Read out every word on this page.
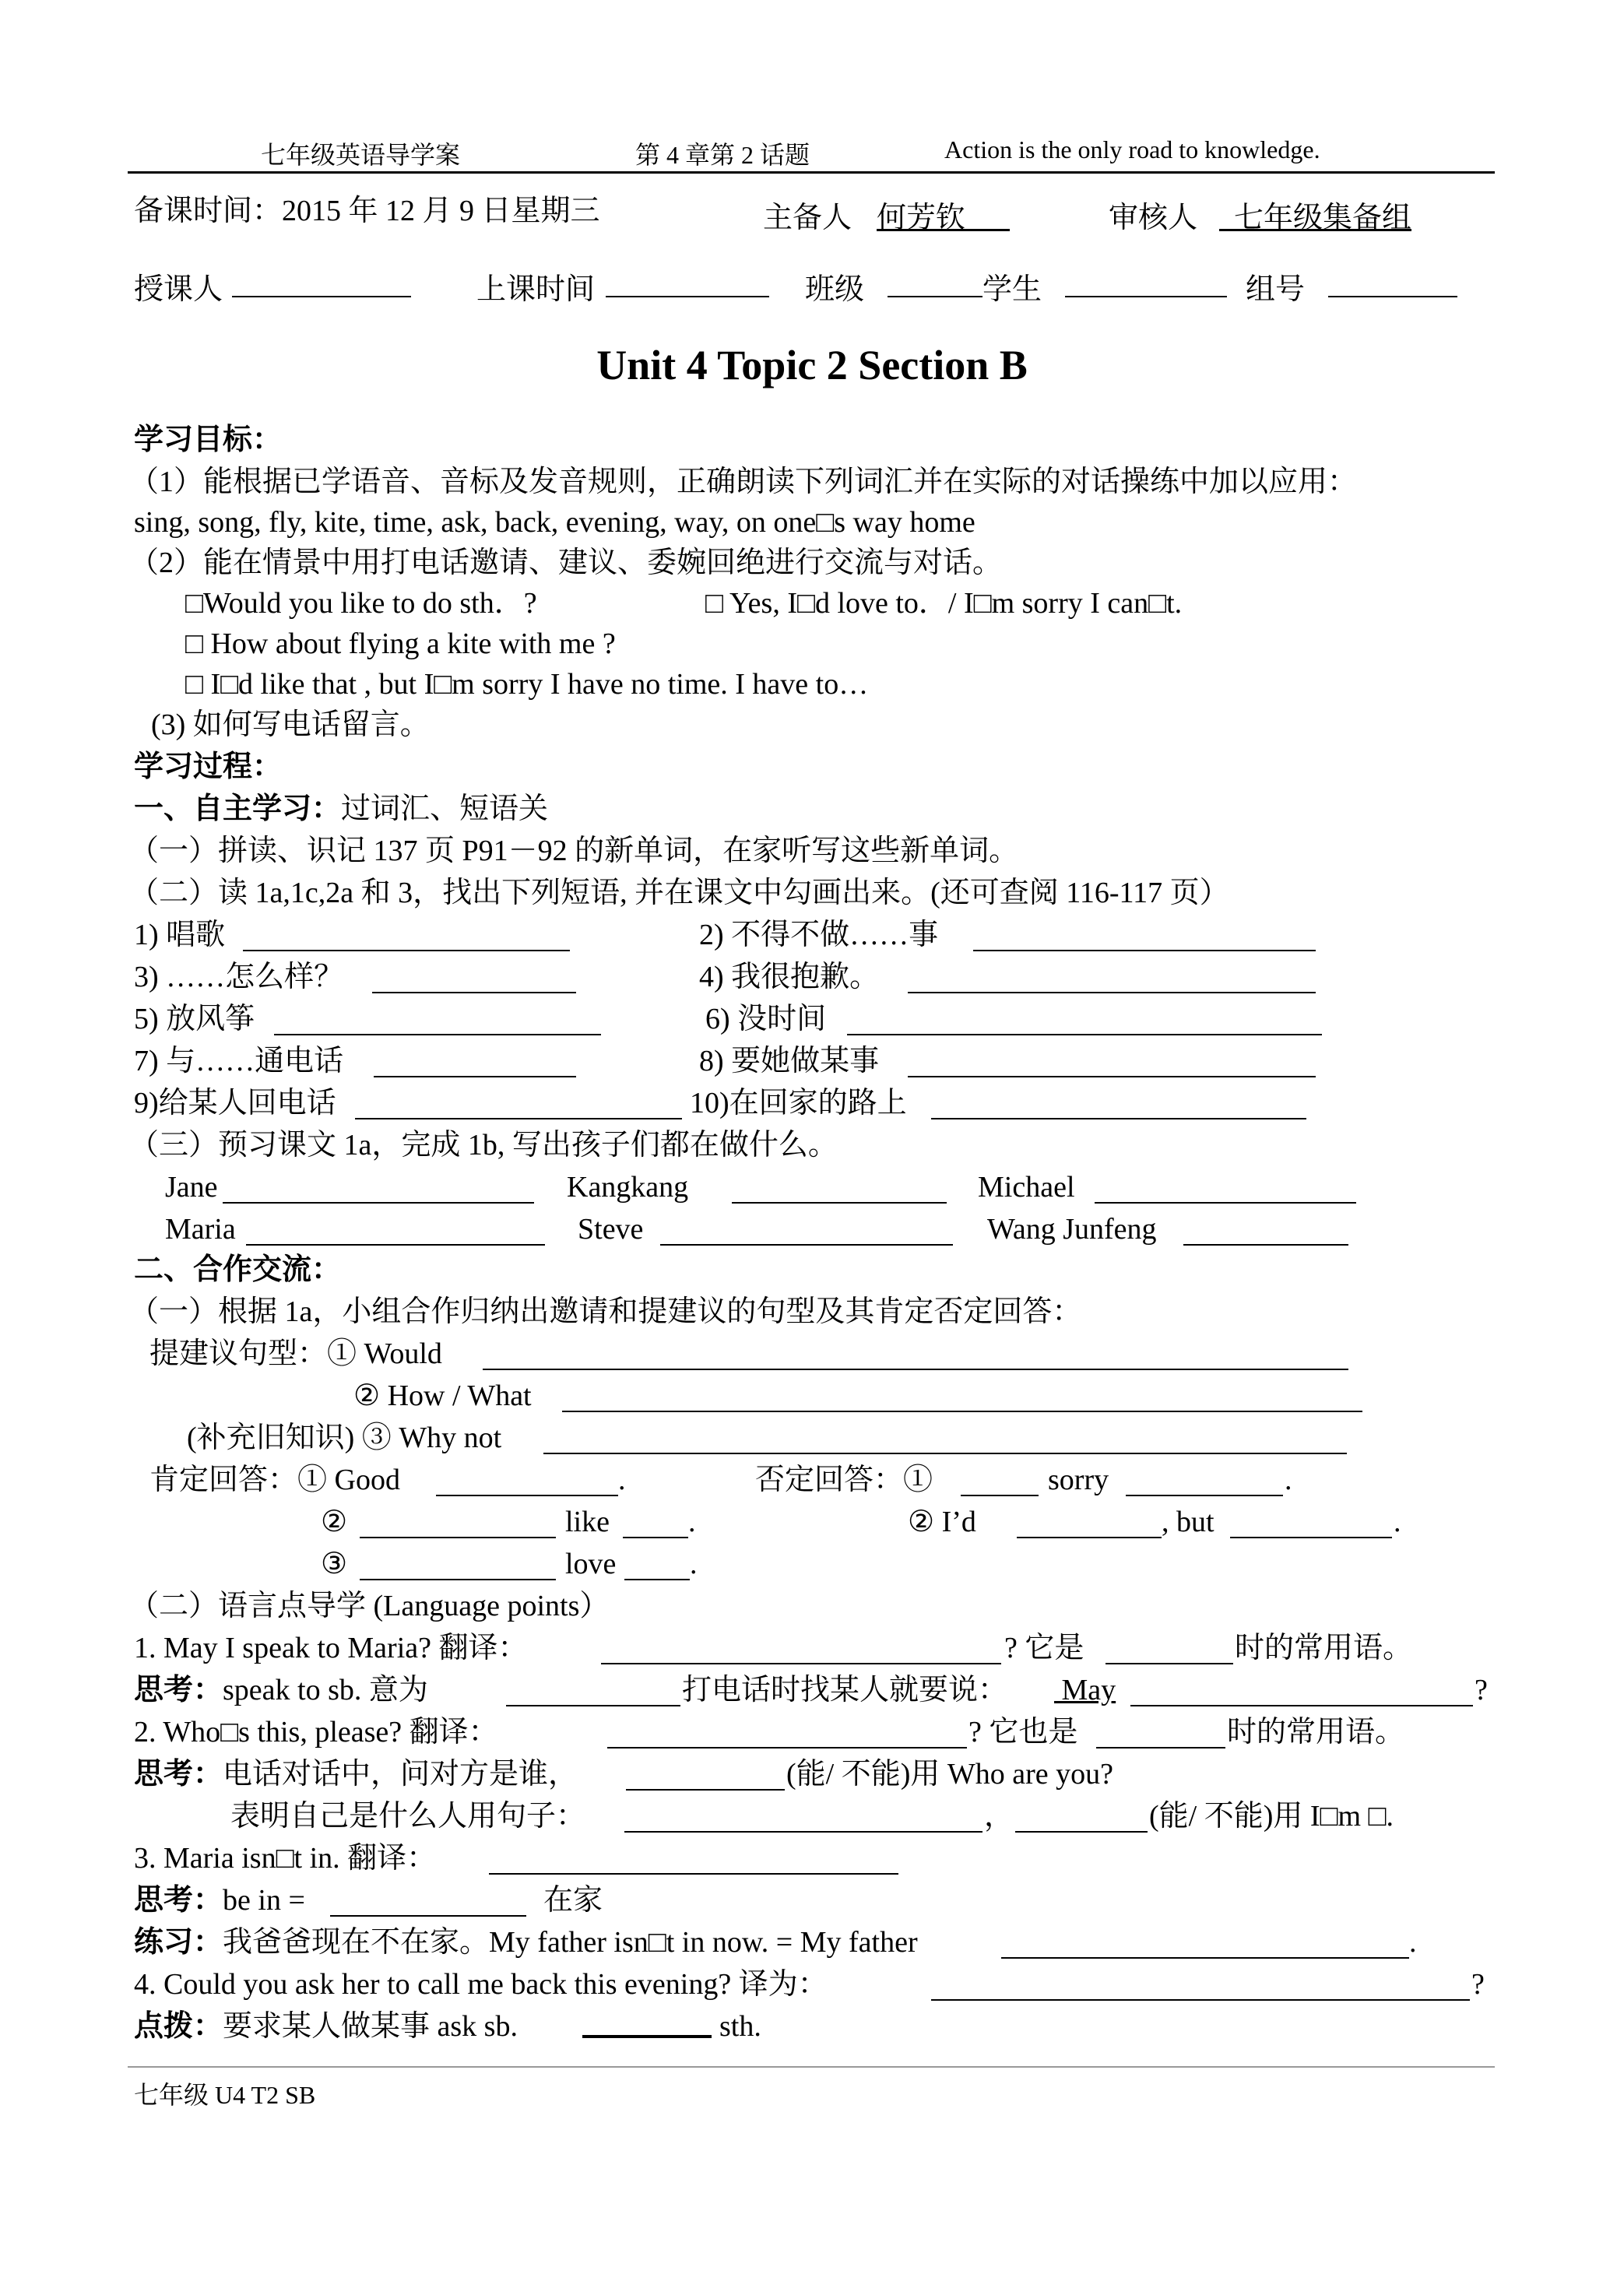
七年级英语导学案	第 4 章第 2 话题	Action is the only road to knowledge.
备课时间：2015 年 12 月 9 日星期三	主备人 何芳钦	审核人	七年级集备组
授课人	上课时间	班级	学生	组号
Unit 4 Topic 2 Section B
学习目标：
（1）能根据已学语音、音标及发音规则，正确朗读下列词汇并在实际的对话操练中加以应用：
sing, song, fly, kite, time, ask, back, evening, way, on one□s way home
（2）能在情景中用打电话邀请、建议、委婉回绝进行交流与对话。
□Would you like to do sth．?	□ Yes, I□d love to．/ I□m sorry I can□t.
□ How about flying a kite with me ?
□ I□d like that , but I□m sorry I have no time. I have to…
(3) 如何写电话留言。
学习过程：
一、自主学习：过词汇、短语关
（一）拼读、识记 137 页 P91－92 的新单词，在家听写这些新单词。
（二）读 1a,1c,2a 和 3，找出下列短语, 并在课文中勾画出来。(还可查阅 116-117 页）
1) 唱歌	2) 不得不做……事
3) ……怎么样？	4) 我很抱歉。
5) 放风筝	6) 没时间
7) 与……通电话	8) 要她做某事
9)给某人回电话	10)在回家的路上
（三）预习课文 1a，完成 1b, 写出孩子们都在做什么。
Jane	Kangkang	Michael
Maria	Steve	Wang Junfeng
二、合作交流：
（一）根据 1a，小组合作归纳出邀请和提建议的句型及其肯定否定回答：
提建议句型：① Would
② How / What
(补充旧知识) ③ Why not
肯定回答：① Good	.
②	like	.
③	love .
否定回答：①	sorry	.
② I’d	, but	.
（二）语言点导学 (Language points）
1. May I speak to Maria? 翻译：	? 它是	时的常用语。
思考：speak to sb. 意为	打电话时找某人就要说： May	?
2. Who□s this, please? 翻译：	? 它也是	时的常用语。
思考：电话对话中，问对方是谁，	(能/ 不能)用 Who are you?
表明自己是什么人用句子：	，	(能/ 不能)用 I□m □.
3. Maria isn□t in. 翻译：
思考：be in =	在家
练习：我爸爸现在不在家。My father isn□t in now. = My father	.
4. Could you ask her to call me back this evening? 译为：	?
点拨：要求某人做某事 ask sb.	sth.
七年级 U4 T2 SB
